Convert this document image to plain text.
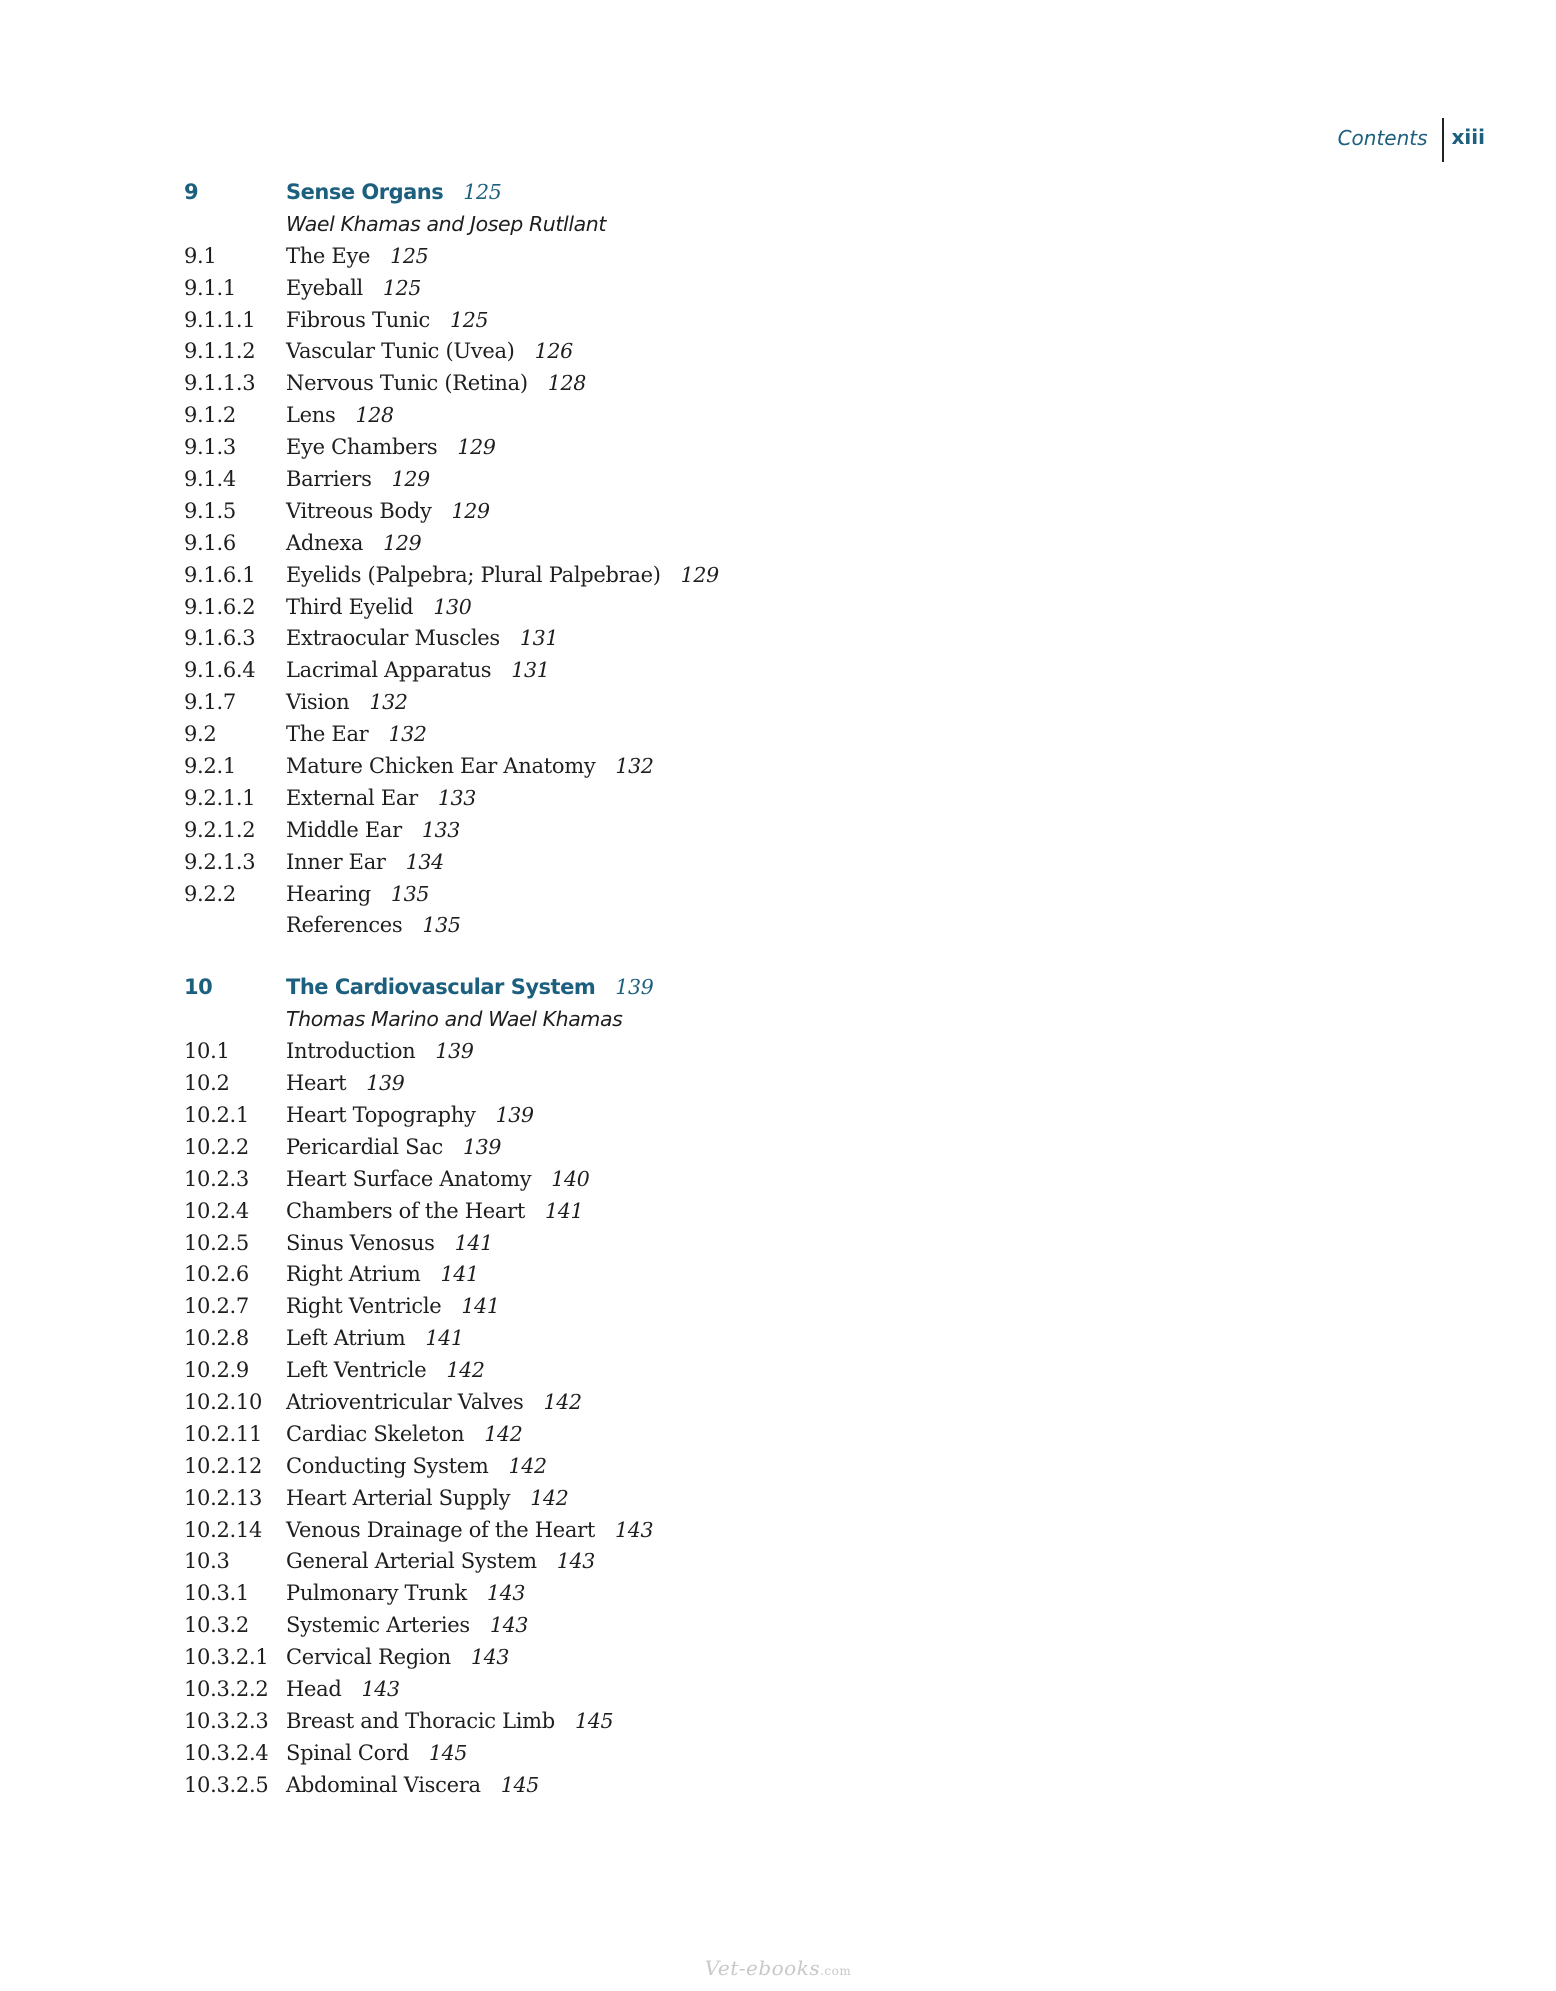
Contents	xiii
9	Sense Organs 125
Wael Khamas and Josep Rutllant
9.1	The Eye 125
9.1.1	Eyeball 125
9.1.1.1	Fibrous Tunic 125
9.1.1.2	Vascular Tunic (Uvea) 126
9.1.1.3	Nervous Tunic (Retina) 128
9.1.2	Lens 128
9.1.3	Eye Chambers 129
9.1.4	Barriers 129
9.1.5	Vitreous Body 129
9.1.6	Adnexa 129
9.1.6.1	Eyelids (Palpebra; Plural Palpebrae) 129
9.1.6.2	Third Eyelid 130
9.1.6.3	Extraocular Muscles 131
9.1.6.4	Lacrimal Apparatus 131
9.1.7	Vision 132
9.2	The Ear 132
9.2.1	Mature Chicken Ear Anatomy 132
9.2.1.1	External Ear 133
9.2.1.2	Middle Ear 133
9.2.1.3	Inner Ear 134
9.2.2	Hearing 135
References 135
10	The Cardiovascular System 139
Thomas Marino and Wael Khamas
10.1	Introduction 139
10.2	Heart 139
10.2.1	Heart Topography 139
10.2.2	Pericardial Sac 139
10.2.3	Heart Surface Anatomy 140
10.2.4	Chambers of the Heart 141
10.2.5	Sinus Venosus 141
10.2.6	Right Atrium 141
10.2.7	Right Ventricle 141
10.2.8	Left Atrium 141
10.2.9	Left Ventricle 142
10.2.10	Atrioventricular Valves 142
10.2.11	Cardiac Skeleton 142
10.2.12	Conducting System 142
10.2.13	Heart Arterial Supply 142
10.2.14	Venous Drainage of the Heart 143
10.3	General Arterial System 143
10.3.1	Pulmonary Trunk 143
10.3.2	Systemic Arteries 143
10.3.2.1 Cervical Region 143
10.3.2.2 Head 143
10.3.2.3 Breast and Thoracic Limb 145
10.3.2.4 Spinal Cord 145
10.3.2.5 Abdominal Viscera 145
Vet-ebooks.com
